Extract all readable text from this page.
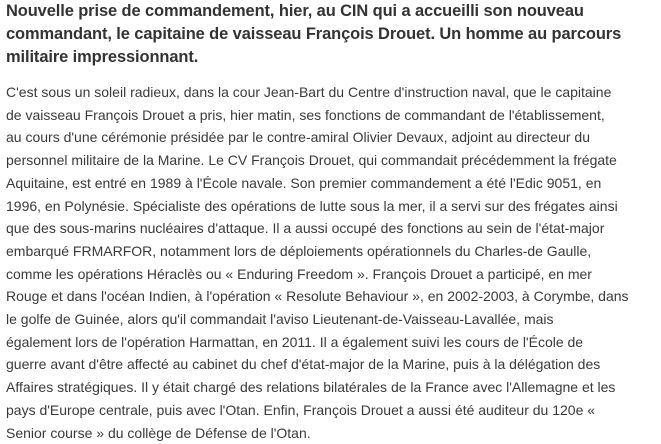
Nouvelle prise de commandement, hier, au CIN qui a accueilli son nouveau
commandant, le capitaine de vaisseau François Drouet. Un homme au parcours
militaire impressionnant.

C'est sous un soleil radieux, dans la cour Jean-Bart du Centre d'instruction naval, que le capitaine
de vaisseau François Drouet a pris, hier matin, ses fonctions de commandant de l'établissement,
au cours d'une cérémonie présidée par le contre-amiral Olivier Devaux, adjoint au directeur du
personnel militaire de la Marine. Le CV François Drouet, qui commandait précédemment la frégate
Aquitaine, est entré en 1989 à l'École navale. Son premier commandement a été l'Edic 9051, en
1996, en Polynésie. Spécialiste des opérations de lutte sous la mer, il a servi sur des frégates ainsi
que des sous-marins nucléaires d'attaque. Il a aussi occupé des fonctions au sein de l'état-major
embarqué FRMARFOR, notamment lors de déploiements opérationnels du Charles-de Gaulle,
comme les opérations Héraclès ou « Enduring Freedom ». François Drouet a participé, en mer
Rouge et dans l'océan Indien, à l'opération « Resolute Behaviour », en 2002-2003, à Corymbe, dans
le golfe de Guinée, alors qu'il commandait l'aviso Lieutenant-de-Vaisseau-Lavallée, mais
également lors de l'opération Harmattan, en 2011. Il a également suivi les cours de l'École de
guerre avant d'être affecté au cabinet du chef d'état-major de la Marine, puis à la délégation des
Affaires stratégiques. Il y était chargé des relations bilatérales de la France avec l'Allemagne et les
pays d'Europe centrale, puis avec l'Otan. Enfin, François Drouet a aussi été auditeur du 120e «
Senior course » du collège de Défense de l'Otan.
